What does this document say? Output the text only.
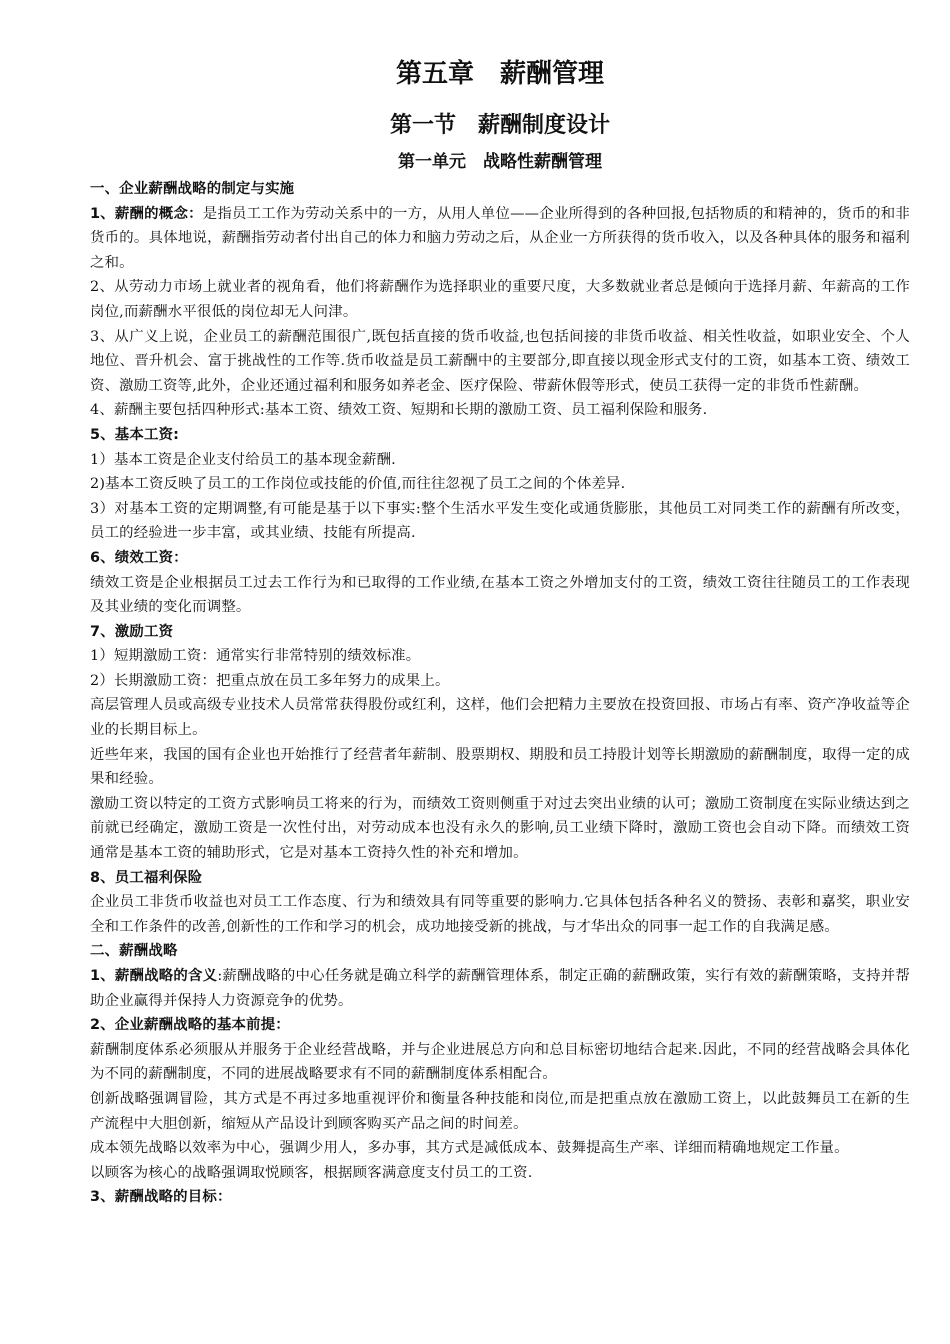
第五章　薪酬管理
第一节　薪酬制度设计
第一单元　战略性薪酬管理

一、企业薪酬战略的制定与实施

1、薪酬的概念：是指员工工作为劳动关系中的一方，从用人单位——企业所得到的各种回报,包括物质的和精神的，货币的和非货币的。具体地说，薪酬指劳动者付出自己的体力和脑力劳动之后，从企业一方所获得的货币收入，以及各种具体的服务和福利之和。

2、从劳动力市场上就业者的视角看，他们将薪酬作为选择职业的重要尺度，大多数就业者总是倾向于选择月薪、年薪高的工作岗位,而薪酬水平很低的岗位却无人问津。

3、从广义上说，企业员工的薪酬范围很广,既包括直接的货币收益,也包括间接的非货币收益、相关性收益，如职业安全、个人地位、晋升机会、富于挑战性的工作等.货币收益是员工薪酬中的主要部分,即直接以现金形式支付的工资，如基本工资、绩效工资、激励工资等,此外，企业还通过福利和服务如养老金、医疗保险、带薪休假等形式，使员工获得一定的非货币性薪酬。

4、薪酬主要包括四种形式:基本工资、绩效工资、短期和长期的激励工资、员工福利保险和服务.

5、基本工资:

1）基本工资是企业支付给员工的基本现金薪酬.

2)基本工资反映了员工的工作岗位或技能的价值,而往往忽视了员工之间的个体差异.

3）对基本工资的定期调整,有可能是基于以下事实:整个生活水平发生变化或通货膨胀，其他员工对同类工作的薪酬有所改变，员工的经验进一步丰富，或其业绩、技能有所提高.

6、绩效工资：

绩效工资是企业根据员工过去工作行为和已取得的工作业绩,在基本工资之外增加支付的工资，绩效工资往往随员工的工作表现及其业绩的变化而调整。

7、激励工资

1）短期激励工资：通常实行非常特别的绩效标准。

2）长期激励工资：把重点放在员工多年努力的成果上。

高层管理人员或高级专业技术人员常常获得股份或红利，这样，他们会把精力主要放在投资回报、市场占有率、资产净收益等企业的长期目标上。

近些年来，我国的国有企业也开始推行了经营者年薪制、股票期权、期股和员工持股计划等长期激励的薪酬制度，取得一定的成果和经验。

激励工资以特定的工资方式影响员工将来的行为，而绩效工资则侧重于对过去突出业绩的认可；激励工资制度在实际业绩达到之前就已经确定，激励工资是一次性付出，对劳动成本也没有永久的影响,员工业绩下降时，激励工资也会自动下降。而绩效工资通常是基本工资的辅助形式，它是对基本工资持久性的补充和增加。

8、员工福利保险

企业员工非货币收益也对员工工作态度、行为和绩效具有同等重要的影响力.它具体包括各种名义的赞扬、表彰和嘉奖，职业安全和工作条件的改善,创新性的工作和学习的机会，成功地接受新的挑战，与才华出众的同事一起工作的自我满足感。

二、薪酬战略

1、薪酬战略的含义:薪酬战略的中心任务就是确立科学的薪酬管理体系，制定正确的薪酬政策，实行有效的薪酬策略，支持并帮助企业赢得并保持人力资源竞争的优势。

2、企业薪酬战略的基本前提：

薪酬制度体系必须服从并服务于企业经营战略，并与企业进展总方向和总目标密切地结合起来.因此，不同的经营战略会具体化为不同的薪酬制度，不同的进展战略要求有不同的薪酬制度体系相配合。

创新战略强调冒险，其方式是不再过多地重视评价和衡量各种技能和岗位,而是把重点放在激励工资上，以此鼓舞员工在新的生产流程中大胆创新，缩短从产品设计到顾客购买产品之间的时间差。

成本领先战略以效率为中心，强调少用人，多办事，其方式是减低成本、鼓舞提高生产率、详细而精确地规定工作量。

以顾客为核心的战略强调取悦顾客，根据顾客满意度支付员工的工资.

3、薪酬战略的目标：
